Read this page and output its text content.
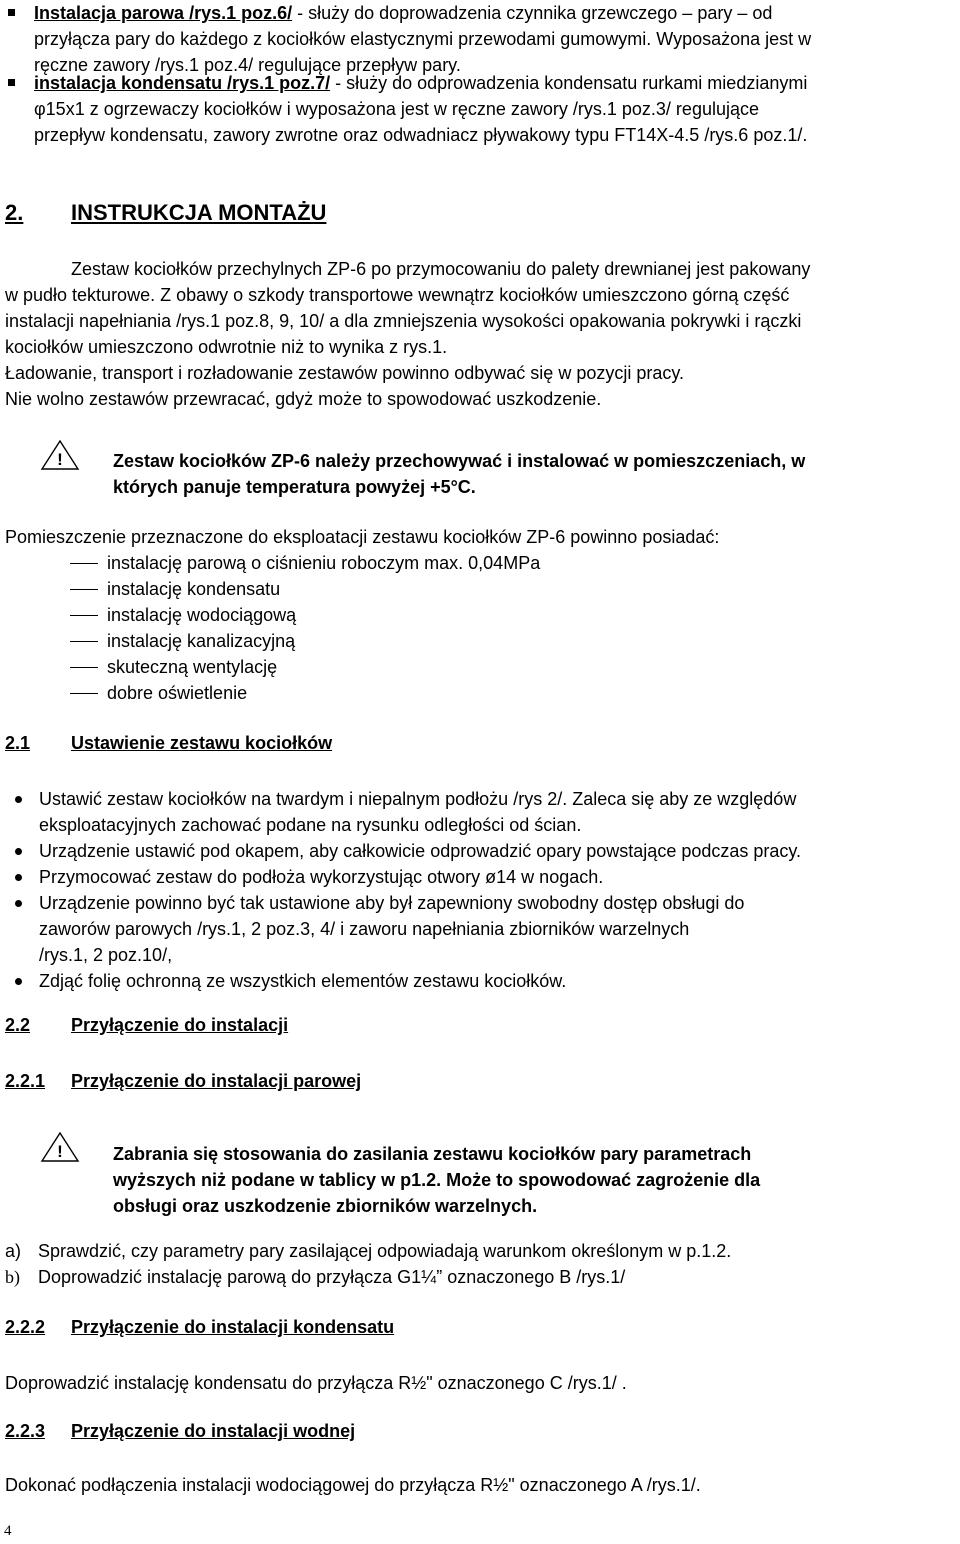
Instalacja parowa /rys.1 poz.6/ - służy do doprowadzenia czynnika grzewczego – pary – od
przyłącza pary do każdego z kociołków elastycznymi przewodami gumowymi. Wyposażona jest w
ręczne zawory /rys.1 poz.4/ regulujące przepływ pary.
instalacja kondensatu /rys.1 poz.7/ - służy do odprowadzenia kondensatu rurkami miedzianymi
φ15x1 z ogrzewaczy kociołków i wyposażona jest w ręczne zawory /rys.1 poz.3/ regulujące
przepływ kondensatu, zawory zwrotne oraz odwadniacz pływakowy typu FT14X-4.5 /rys.6 poz.1/.
2. INSTRUKCJA MONTAŻU
Zestaw kociołków przechylnych ZP-6 po przymocowaniu do palety drewnianej jest pakowany
w pudło tekturowe. Z obawy o szkody transportowe wewnątrz kociołków umieszczono górną część
instalacji napełniania /rys.1 poz.8, 9, 10/ a dla zmniejszenia wysokości opakowania pokrywki i rączki
kociołków umieszczono odwrotnie niż to wynika z rys.1.
Ładowanie, transport i rozładowanie zestawów powinno odbywać się w pozycji pracy.
Nie wolno zestawów przewracać, gdyż może to spowodować uszkodzenie.
!	Zestaw kociołków ZP-6 należy przechowywać i instalować w pomieszczeniach, w
których panuje temperatura powyżej +5°C.
Pomieszczenie przeznaczone do eksploatacji zestawu kociołków ZP-6 powinno posiadać:
instalację parową o ciśnieniu roboczym max. 0,04MPa
instalację kondensatu
instalację wodociągową
instalację kanalizacyjną
skuteczną wentylację
dobre oświetlenie
2.1 Ustawienie zestawu kociołków
Ustawić zestaw kociołków na twardym i niepalnym podłożu /rys 2/. Zaleca się aby ze względów
eksploatacyjnych zachować podane na rysunku odległości od ścian.
Urządzenie ustawić pod okapem, aby całkowicie odprowadzić opary powstające podczas pracy.
Przymocować zestaw do podłoża wykorzystując otwory ø14 w nogach.
Urządzenie powinno być tak ustawione aby był zapewniony swobodny dostęp obsługi do
zaworów parowych /rys.1, 2 poz.3, 4/ i zaworu napełniania zbiorników warzelnych
/rys.1, 2 poz.10/,
Zdjąć folię ochronną ze wszystkich elementów zestawu kociołków.
2.2 Przyłączenie do instalacji
2.2.1 Przyłączenie do instalacji parowej
!	Zabrania się stosowania do zasilania zestawu kociołków pary parametrach
wyższych niż podane w tablicy w p1.2. Może to spowodować zagrożenie dla
obsługi oraz uszkodzenie zbiorników warzelnych.
a) Sprawdzić, czy parametry pary zasilającej odpowiadają warunkom określonym w p.1.2.
b) Doprowadzić instalację parową do przyłącza G1¼” oznaczonego B /rys.1/
2.2.2 Przyłączenie do instalacji kondensatu
Doprowadzić instalację kondensatu do przyłącza R½" oznaczonego C /rys.1/ .
2.2.3 Przyłączenie do instalacji wodnej
Dokonać podłączenia instalacji wodociągowej do przyłącza R½" oznaczonego A /rys.1/.
4
